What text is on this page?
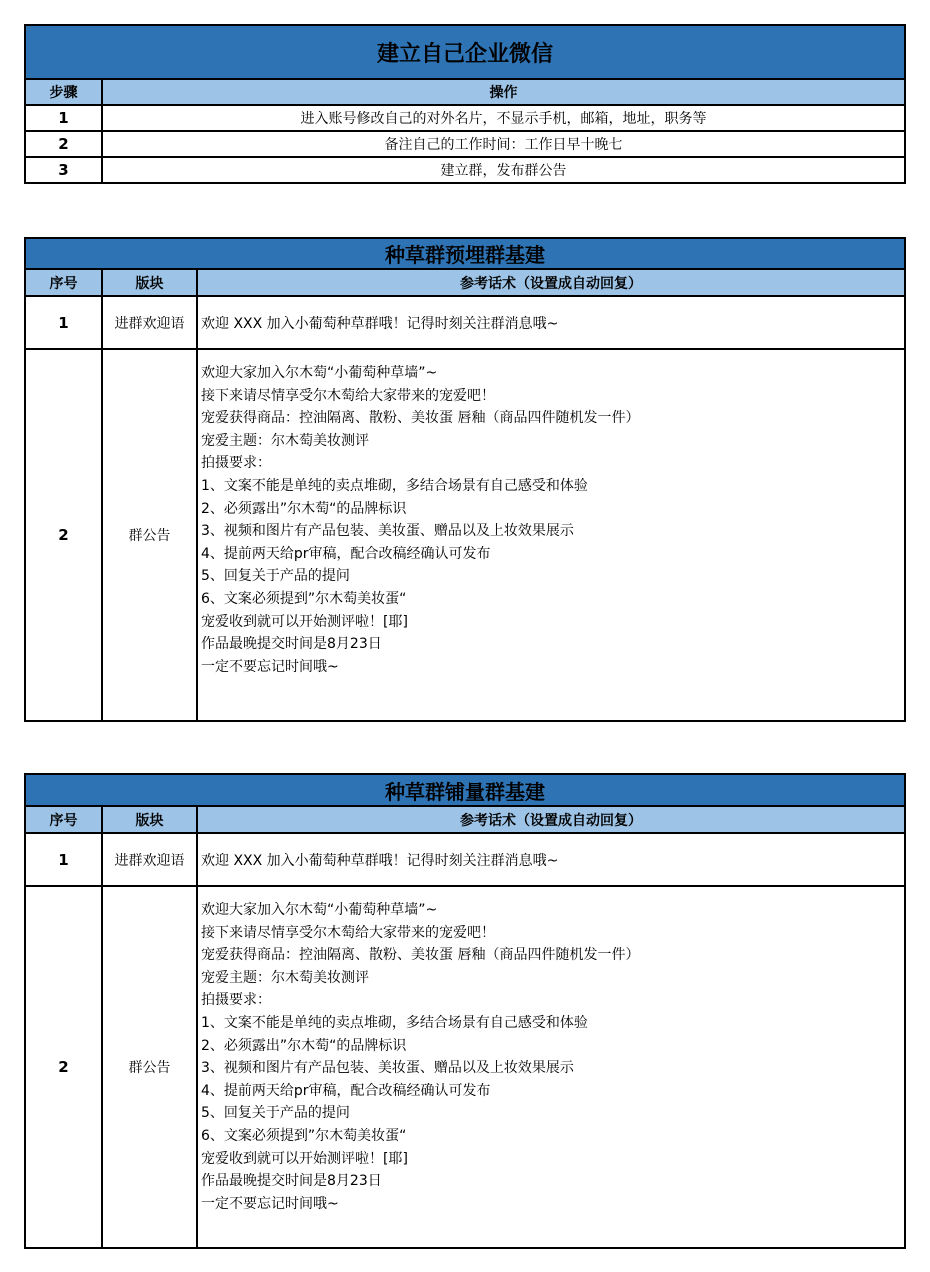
建立自己企业微信	
步骤	操作
1	进入账号修改自己的对外名片，不显示手机，邮箱，地址，职务等
2	备注自己的工作时间：工作日早十晚七
3	建立群，发布群公告
种草群预埋群基建		
序号	版块	参考话术（设置成自动回复）
1	进群欢迎语	欢迎 XXX 加入小葡萄种草群哦！记得时刻关注群消息哦~
2	群公告	
欢迎大家加入尔木萄“小葡萄种草墙”~
接下来请尽情享受尔木萄给大家带来的宠爱吧！
宠爱获得商品：控油隔离、散粉、美妆蛋 唇釉（商品四件随机发一件）
宠爱主题：尔木萄美妆测评
拍摄要求：
1、文案不能是单纯的卖点堆砌，多结合场景有自己感受和体验
2、必须露出”尔木萄“的品牌标识
3、视频和图片有产品包装、美妆蛋、赠品以及上妆效果展示
4、提前两天给pr审稿，配合改稿经确认可发布
5、回复关于产品的提问
6、文案必须提到”尔木萄美妆蛋“
宠爱收到就可以开始测评啦！[耶]
作品最晚提交时间是8月23日
一定不要忘记时间哦~
种草群铺量群基建		
序号	版块	参考话术（设置成自动回复）
1	进群欢迎语	欢迎 XXX 加入小葡萄种草群哦！记得时刻关注群消息哦~
2	群公告	
欢迎大家加入尔木萄“小葡萄种草墙”~
接下来请尽情享受尔木萄给大家带来的宠爱吧！
宠爱获得商品：控油隔离、散粉、美妆蛋 唇釉（商品四件随机发一件）
宠爱主题：尔木萄美妆测评
拍摄要求：
1、文案不能是单纯的卖点堆砌，多结合场景有自己感受和体验
2、必须露出”尔木萄“的品牌标识
3、视频和图片有产品包装、美妆蛋、赠品以及上妆效果展示
4、提前两天给pr审稿，配合改稿经确认可发布
5、回复关于产品的提问
6、文案必须提到”尔木萄美妆蛋“
宠爱收到就可以开始测评啦！[耶]
作品最晚提交时间是8月23日
一定不要忘记时间哦~
